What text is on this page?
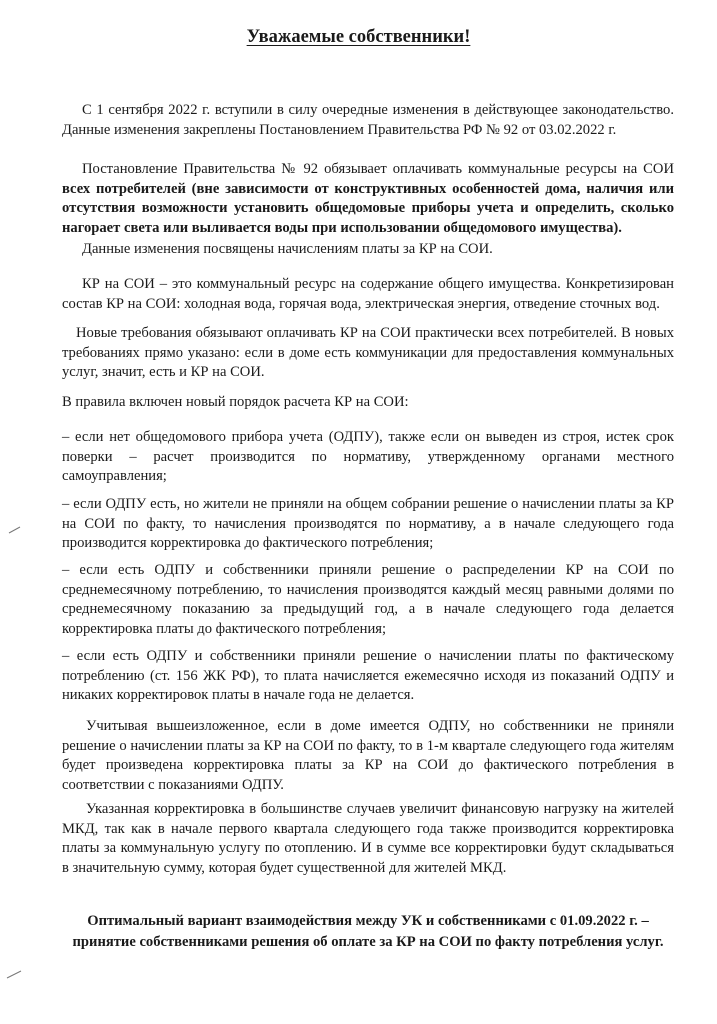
Уважаемые собственники!

С 1 сентября 2022 г. вступили в силу очередные изменения в действующее законодательство. Данные изменения закреплены Постановлением Правительства РФ № 92 от 03.02.2022 г.

Постановление Правительства № 92 обязывает оплачивать коммунальные ресурсы на СОИ всех потребителей (вне зависимости от конструктивных особенностей дома, наличия или отсутствия возможности установить общедомовые приборы учета и определить, сколько нагорает света или выливается воды при использовании общедомового имущества).

Данные изменения посвящены начислениям платы за КР на СОИ.

КР на СОИ – это коммунальный ресурс на содержание общего имущества. Конкретизирован состав КР на СОИ: холодная вода, горячая вода, электрическая энергия, отведение сточных вод.

Новые требования обязывают оплачивать КР на СОИ практически всех потребителей. В новых требованиях прямо указано: если в доме есть коммуникации для предоставления коммунальных услуг, значит, есть и КР на СОИ.

В правила включен новый порядок расчета КР на СОИ:

– если нет общедомового прибора учета (ОДПУ), также если он выведен из строя, истек срок поверки – расчет производится по нормативу, утвержденному органами местного самоуправления;

– если ОДПУ есть, но жители не приняли на общем собрании решение о начислении платы за КР на СОИ по факту, то начисления производятся по нормативу, а в начале следующего года производится корректировка до фактического потребления;

– если есть ОДПУ и собственники приняли решение о распределении КР на СОИ по среднемесячному потреблению, то начисления производятся каждый месяц равными долями по среднемесячному показанию за предыдущий год, а в начале следующего года делается корректировка платы до фактического потребления;

– если есть ОДПУ и собственники приняли решение о начислении платы по фактическому потреблению (ст. 156 ЖК РФ), то плата начисляется ежемесячно исходя из показаний ОДПУ и никаких корректировок платы в начале года не делается.

Учитывая вышеизложенное, если в доме имеется ОДПУ, но собственники не приняли решение о начислении платы за КР на СОИ по факту, то в 1-м квартале следующего года жителям будет произведена корректировка платы за КР на СОИ до фактического потребления в соответствии с показаниями ОДПУ.

Указанная корректировка в большинстве случаев увеличит финансовую нагрузку на жителей МКД, так как в начале первого квартала следующего года также производится корректировка платы за коммунальную услугу по отоплению. И в сумме все корректировки будут складываться в значительную сумму, которая будет существенной для жителей МКД.

Оптимальный вариант взаимодействия между УК и собственниками с 01.09.2022 г. –
принятие собственниками решения об оплате за КР на СОИ по факту потребления услуг.
